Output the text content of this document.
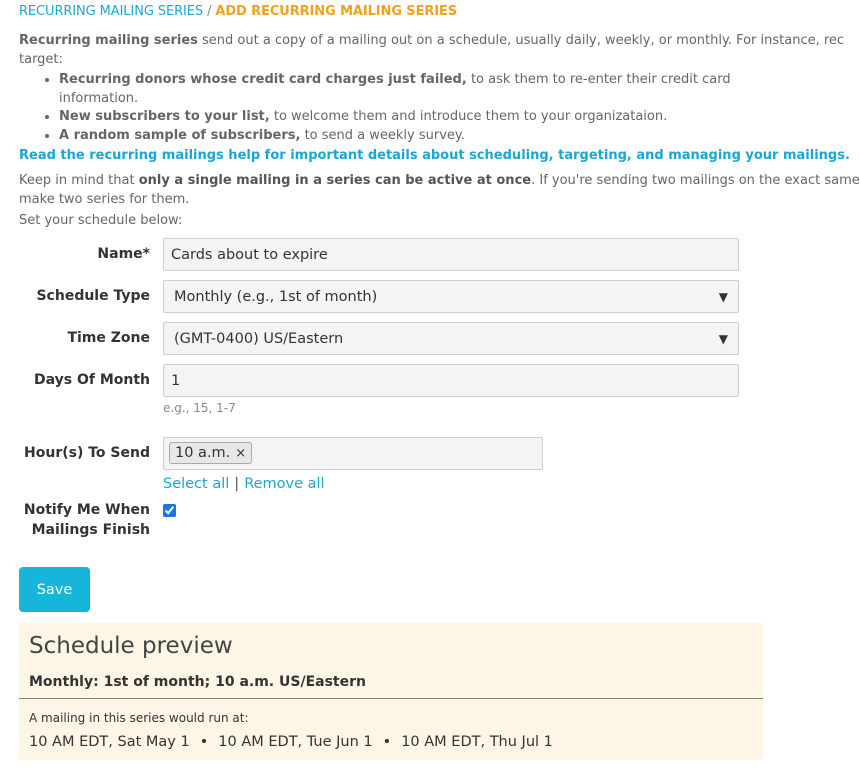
RECURRING MAILING SERIES / ADD RECURRING MAILING SERIES
Recurring mailing series send out a copy of a mailing out on a schedule, usually daily, weekly, or monthly. For instance, rec
target:
• Recurring donors whose credit card charges just failed, to ask them to re-enter their credit card information.
• New subscribers to your list, to welcome them and introduce them to your organizataion.
• A random sample of subscribers, to send a weekly survey.
Read the recurring mailings help for important details about scheduling, targeting, and managing your mailings.
Keep in mind that only a single mailing in a series can be active at once. If you're sending two mailings on the exact same
make two series for them.
Set your schedule below:
Name* Cards about to expire
Schedule Type Monthly (e.g., 1st of month)	▼
Time Zone (GMT-0400) US/Eastern	▼
Days Of Month 1
e.g., 15, 1-7
Hour(s) To Send 10 a.m. ×
Select all | Remove all
Notify Me When
Mailings Finish
Save
Schedule preview
Monthly: 1st of month; 10 a.m. US/Eastern
A mailing in this series would run at:
10 AM EDT, Sat May 1 • 10 AM EDT, Tue Jun 1 • 10 AM EDT, Thu Jul 1
